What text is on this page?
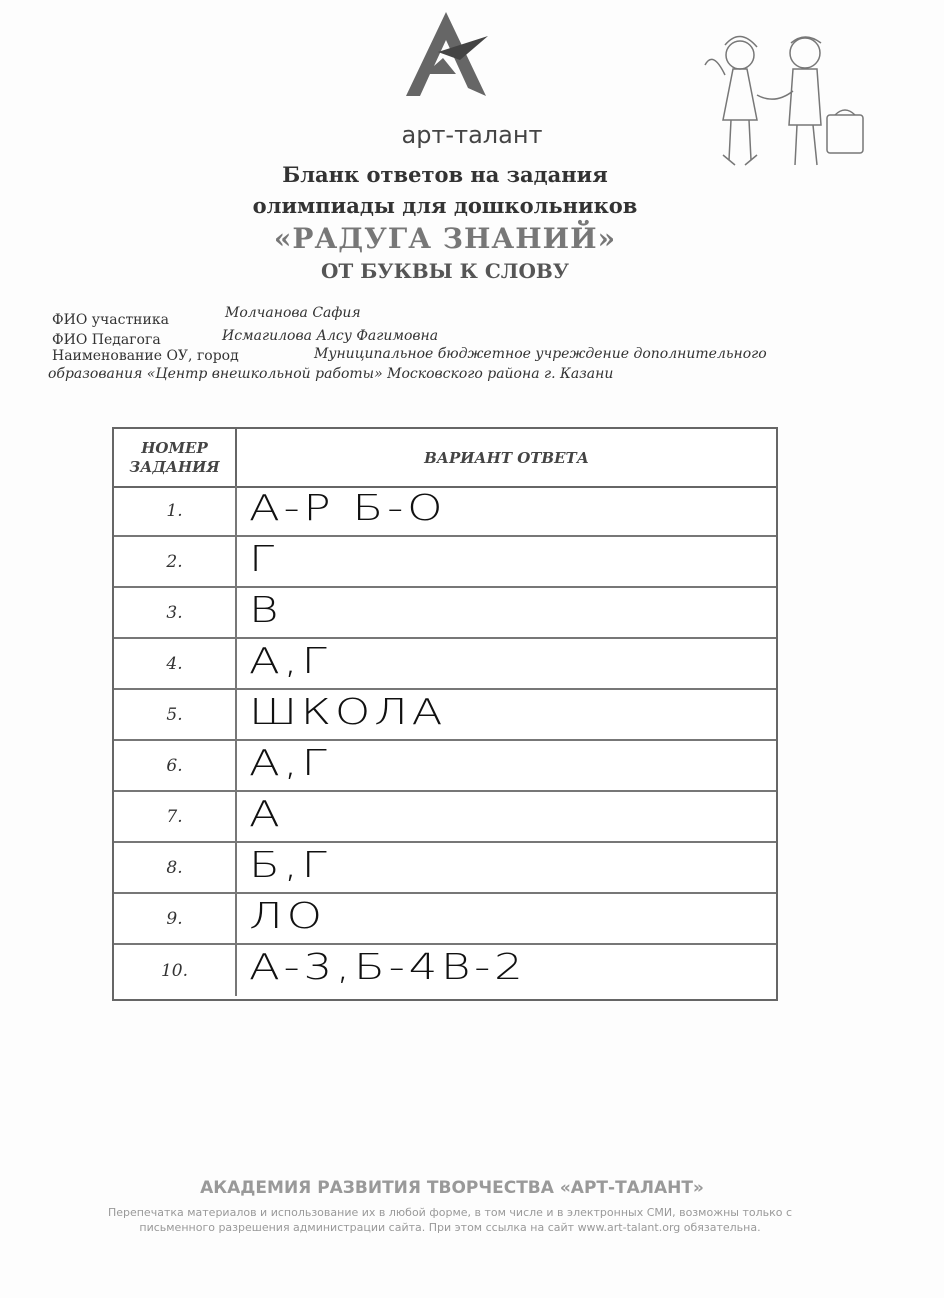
арт-талант
Бланк ответов на задания
олимпиады для дошкольников
«РАДУГА ЗНАНИЙ»
ОТ БУКВЫ К СЛОВУ
ФИО участника	Молчанова Сафия
ФИО Педагога	Исмагилова Алсу Фагимовна
Наименование ОУ, город	Муниципальное бюджетное учреждение дополнительного
образования «Центр внешкольной работы» Московского района г. Казани
НОМЕР ЗАДАНИЯ	ВАРИАНТ ОТВЕТА
1.	А-Р Б-О
2.	Г
3.	В
4.	А,Г
5.	ШКОЛА
6.	А,Г
7.	А
8.	Б,Г
9.	ЛО
10.	А-3,Б-4В-2
АКАДЕМИЯ РАЗВИТИЯ ТВОРЧЕСТВА «АРТ-ТАЛАНТ»
Перепечатка материалов и использование их в любой форме, в том числе и в электронных СМИ, возможны только с письменного разрешения администрации сайта. При этом ссылка на сайт www.art-talant.org обязательна.
